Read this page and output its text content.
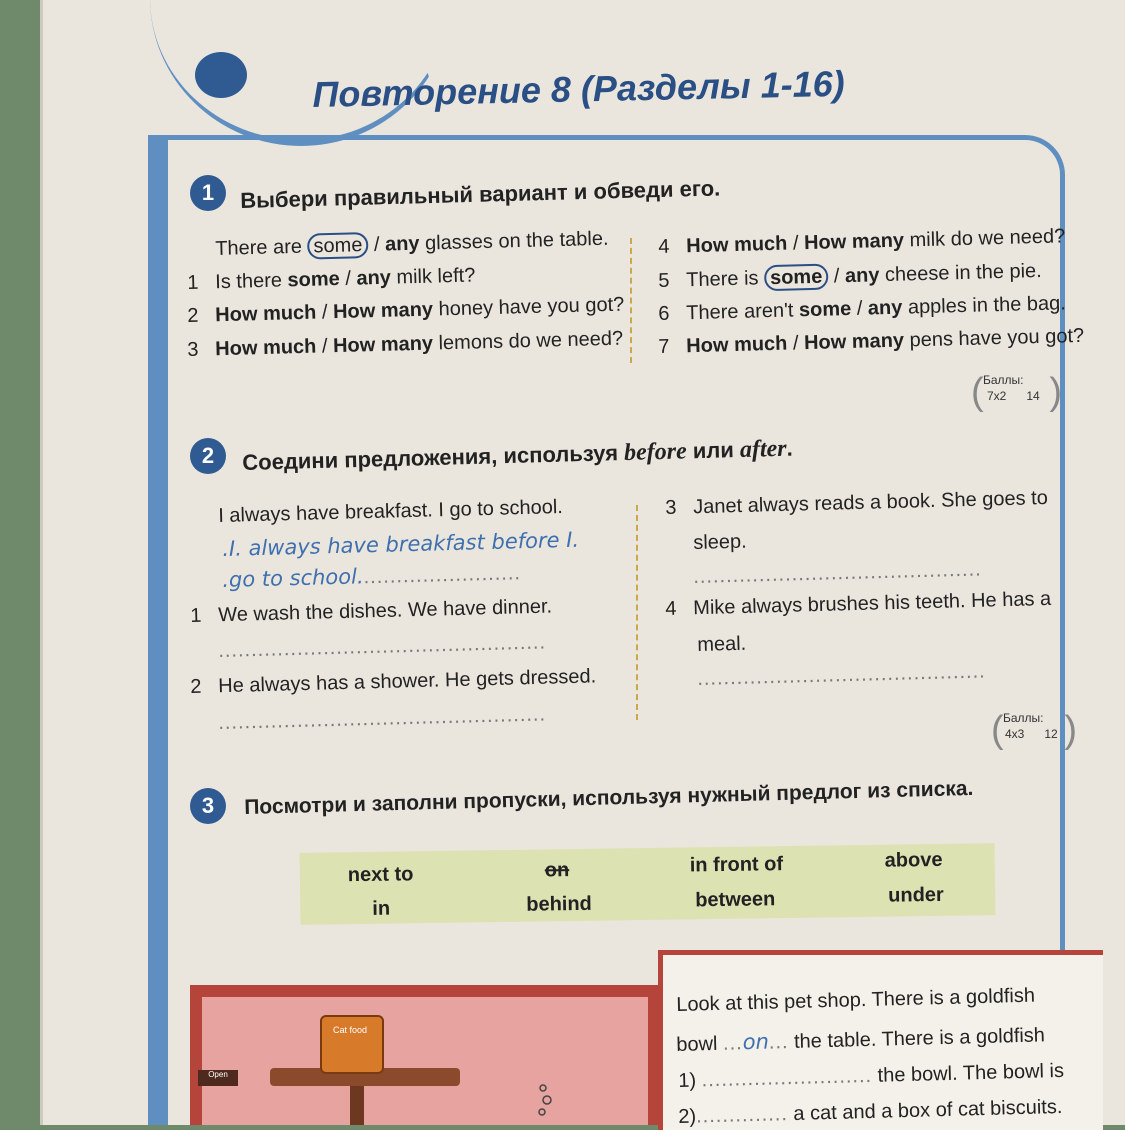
Повторение 8 (Разделы 1-16)
1	Выбери правильный вариант и обведи его.
There are some / any glasses on the table.
1 Is there some / any milk left?
2 How much / How many honey have you got?
3 How much / How many lemons do we need?
4 How much / How many milk do we need?
5 There is some / any cheese in the pie.
6 There aren't some / any apples in the bag.
7 How much / How many pens have you got?
( Баллы:
7x2 14 )
2	Соедини предложения, используя before или after.
I always have breakfast. I go to school.
.I. always have breakfast before I.
.go to school.........................
1 We wash the dishes. We have dinner.
..................................................
2 He always has a shower. He gets dressed.
..................................................
3 Janet always reads a book. She goes to
sleep.
............................................
4 Mike always brushes his teeth. He has a
meal.
............................................
( Баллы:
4x3 12 )
3	Посмотри и заполни пропуски, используя нужный предлог из списка.
next to	on	in front of	above
in	behind	between	under
Cat food
Open
Look at this pet shop. There is a goldfish
bowl ...on... the table. There is a goldfish
1) .......................... the bowl. The bowl is
2).............. a cat and a box of cat biscuits.
